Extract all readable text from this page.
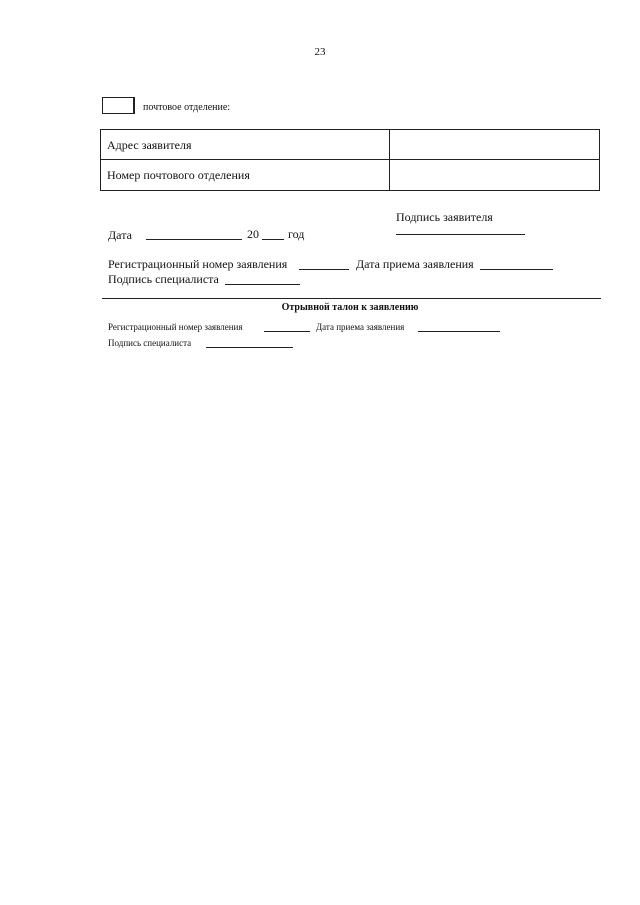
23
почтовое отделение:
Адрес заявителя
Номер почтового отделения
Подпись заявителя
Дата	20 год
Регистрационный номер заявления	Дата приема заявления
Подпись специалиста
Отрывной талон к заявлению
Регистрационный номер заявления	Дата приема заявления
Подпись специалиста
